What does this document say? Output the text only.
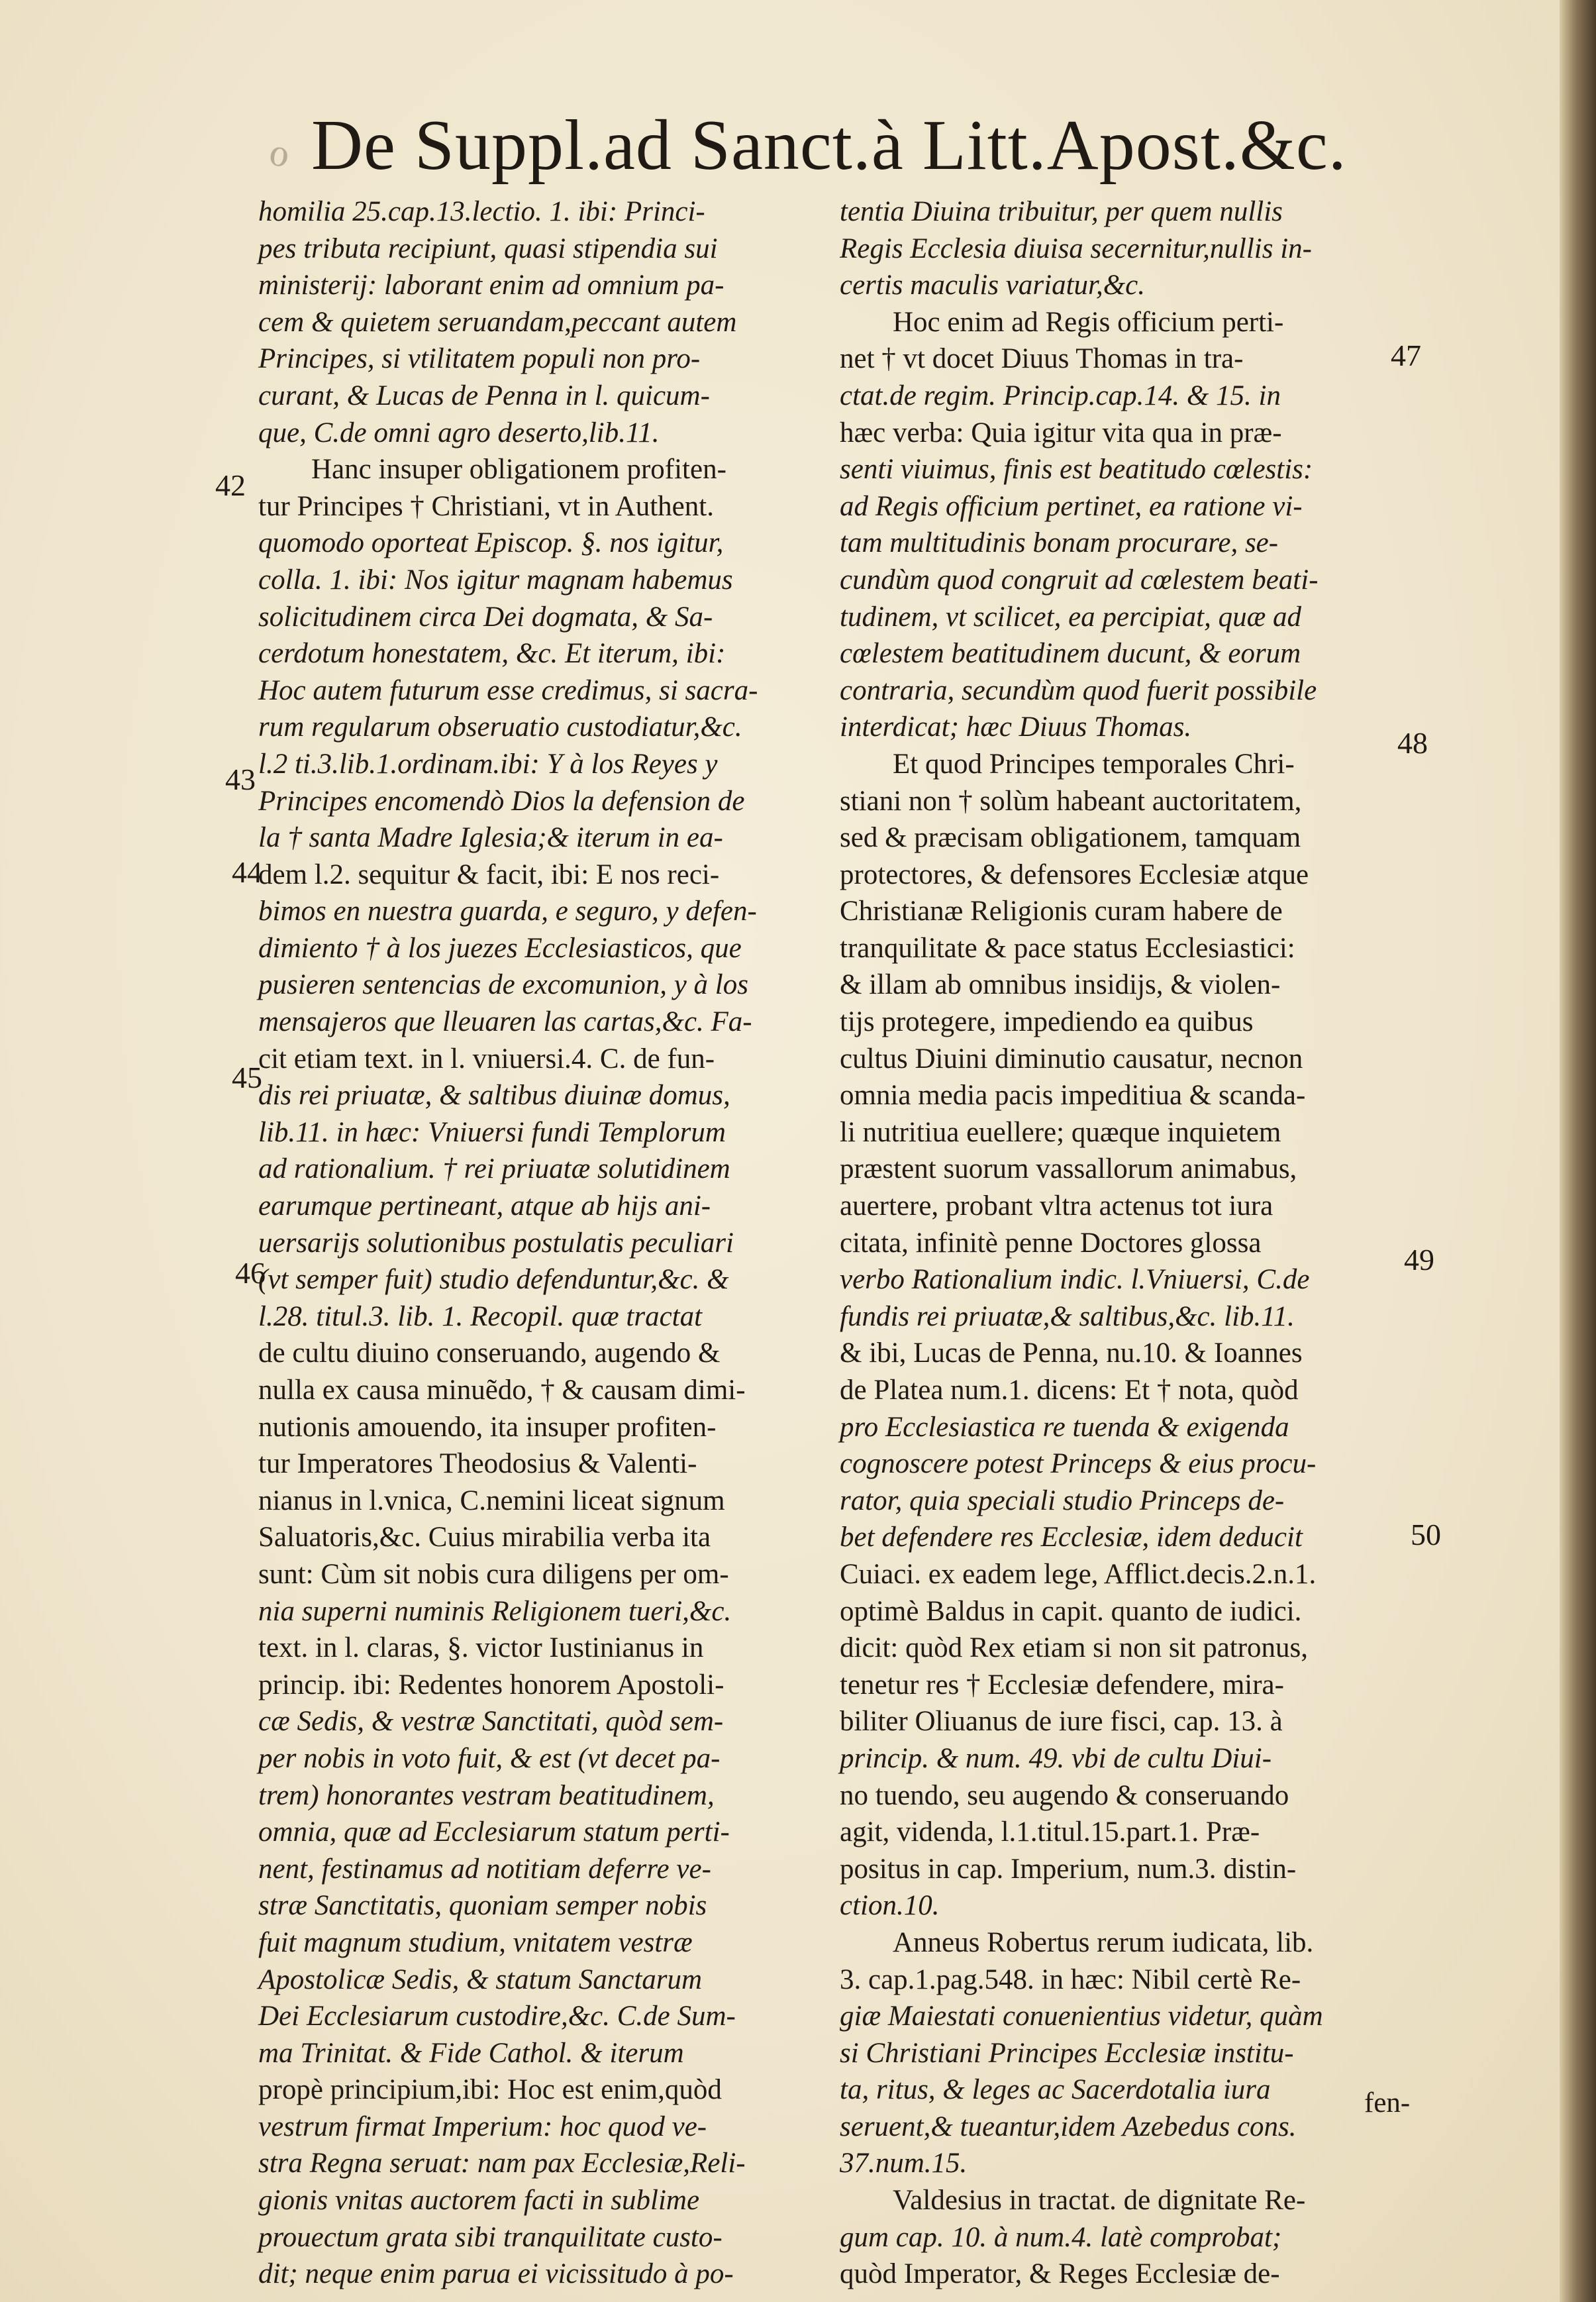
ℴ De Suppl.ad Sanct.à Litt.Apost.&c.
homilia 25.cap.13.lectio. 1. ibi: Princi-
pes tributa recipiunt, quasi stipendia sui
ministerij: laborant enim ad omnium pa-
cem & quietem seruandam,peccant autem
Principes, si vtilitatem populi non pro-
curant, & Lucas de Penna in l. quicum-
que, C.de omni agro deserto,lib.11.
Hanc insuper obligationem profiten-
tur Principes † Christiani, vt in Authent.
quomodo oporteat Episcop. §. nos igitur,
colla. 1. ibi: Nos igitur magnam habemus
solicitudinem circa Dei dogmata, & Sa-
cerdotum honestatem, &c. Et iterum, ibi:
Hoc autem futurum esse credimus, si sacra-
rum regularum obseruatio custodiatur,&c.
l.2 ti.3.lib.1.ordinam.ibi: Y à los Reyes y
Principes encomendò Dios la defension de
la † santa Madre Iglesia;& iterum in ea-
dem l.2. sequitur & facit, ibi: E nos reci-
bimos en nuestra guarda, e seguro, y defen-
dimiento † à los juezes Ecclesiasticos, que
pusieren sentencias de excomunion, y à los
mensajeros que lleuaren las cartas,&c. Fa-
cit etiam text. in l. vniuersi.4. C. de fun-
dis rei priuatæ, & saltibus diuinæ domus,
lib.11. in hæc: Vniuersi fundi Templorum
ad rationalium. † rei priuatæ solutidinem
earumque pertineant, atque ab hijs ani-
uersarijs solutionibus postulatis peculiari
(vt semper fuit) studio defenduntur,&c. &
l.28. titul.3. lib. 1. Recopil. quæ tractat
de cultu diuino conseruando, augendo &
nulla ex causa minuẽdo, † & causam dimi-
nutionis amouendo, ita insuper profiten-
tur Imperatores Theodosius & Valenti-
nianus in l.vnica, C.nemini liceat signum
Saluatoris,&c. Cuius mirabilia verba ita
sunt: Cùm sit nobis cura diligens per om-
nia superni numinis Religionem tueri,&c.
text. in l. claras, §. victor Iustinianus in
princip. ibi: Redentes honorem Apostoli-
cæ Sedis, & vestræ Sanctitati, quòd sem-
per nobis in voto fuit, & est (vt decet pa-
trem) honorantes vestram beatitudinem,
omnia, quæ ad Ecclesiarum statum perti-
nent, festinamus ad notitiam deferre ve-
stræ Sanctitatis, quoniam semper nobis
fuit magnum studium, vnitatem vestræ
Apostolicæ Sedis, & statum Sanctarum
Dei Ecclesiarum custodire,&c. C.de Sum-
ma Trinitat. & Fide Cathol. & iterum
propè principium,ibi: Hoc est enim,quòd
vestrum firmat Imperium: hoc quod ve-
stra Regna seruat: nam pax Ecclesiæ,Reli-
gionis vnitas auctorem facti in sublime
prouectum grata sibi tranquilitate custo-
dit; neque enim parua ei vicissitudo à po-
tentia Diuina tribuitur, per quem nullis
Regis Ecclesia diuisa secernitur,nullis in-
certis maculis variatur,&c.
Hoc enim ad Regis officium perti-
net † vt docet Diuus Thomas in tra-
ctat.de regim. Princip.cap.14. & 15. in
hæc verba: Quia igitur vita qua in præ-
senti viuimus, finis est beatitudo cœlestis:
ad Regis officium pertinet, ea ratione vi-
tam multitudinis bonam procurare, se-
cundùm quod congruit ad cœlestem beati-
tudinem, vt scilicet, ea percipiat, quæ ad
cœlestem beatitudinem ducunt, & eorum
contraria, secundùm quod fuerit possibile
interdicat; hæc Diuus Thomas.
Et quod Principes temporales Chri-
stiani non † solùm habeant auctoritatem,
sed & præcisam obligationem, tamquam
protectores, & defensores Ecclesiæ atque
Christianæ Religionis curam habere de
tranquilitate & pace status Ecclesiastici:
& illam ab omnibus insidijs, & violen-
tijs protegere, impediendo ea quibus
cultus Diuini diminutio causatur, necnon
omnia media pacis impeditiua & scanda-
li nutritiua euellere; quæque inquietem
præstent suorum vassallorum animabus,
auertere, probant vltra actenus tot iura
citata, infinitè penne Doctores glossa
verbo Rationalium indic. l.Vniuersi, C.de
fundis rei priuatæ,& saltibus,&c. lib.11.
& ibi, Lucas de Penna, nu.10. & Ioannes
de Platea num.1. dicens: Et † nota, quòd
pro Ecclesiastica re tuenda & exigenda
cognoscere potest Princeps & eius procu-
rator, quia speciali studio Princeps de-
bet defendere res Ecclesiæ, idem deducit
Cuiaci. ex eadem lege, Afflict.decis.2.n.1.
optimè Baldus in capit. quanto de iudici.
dicit: quòd Rex etiam si non sit patronus,
tenetur res † Ecclesiæ defendere, mira-
biliter Oliuanus de iure fisci, cap. 13. à
princip. & num. 49. vbi de cultu Diui-
no tuendo, seu augendo & conseruando
agit, videnda, l.1.titul.15.part.1. Præ-
positus in cap. Imperium, num.3. distin-
ction.10.
Anneus Robertus rerum iudicata, lib.
3. cap.1.pag.548. in hæc: Nibil certè Re-
giæ Maiestati conuenientius videtur, quàm
si Christiani Principes Ecclesiæ institu-
ta, ritus, & leges ac Sacerdotalia iura
seruent,& tueantur,idem Azebedus cons.
37.num.15.
Valdesius in tractat. de dignitate Re-
gum cap. 10. à num.4. latè comprobat;
quòd Imperator, & Reges Ecclesiæ de-
42
43
44
45
46
47
48
49
50
fen-
